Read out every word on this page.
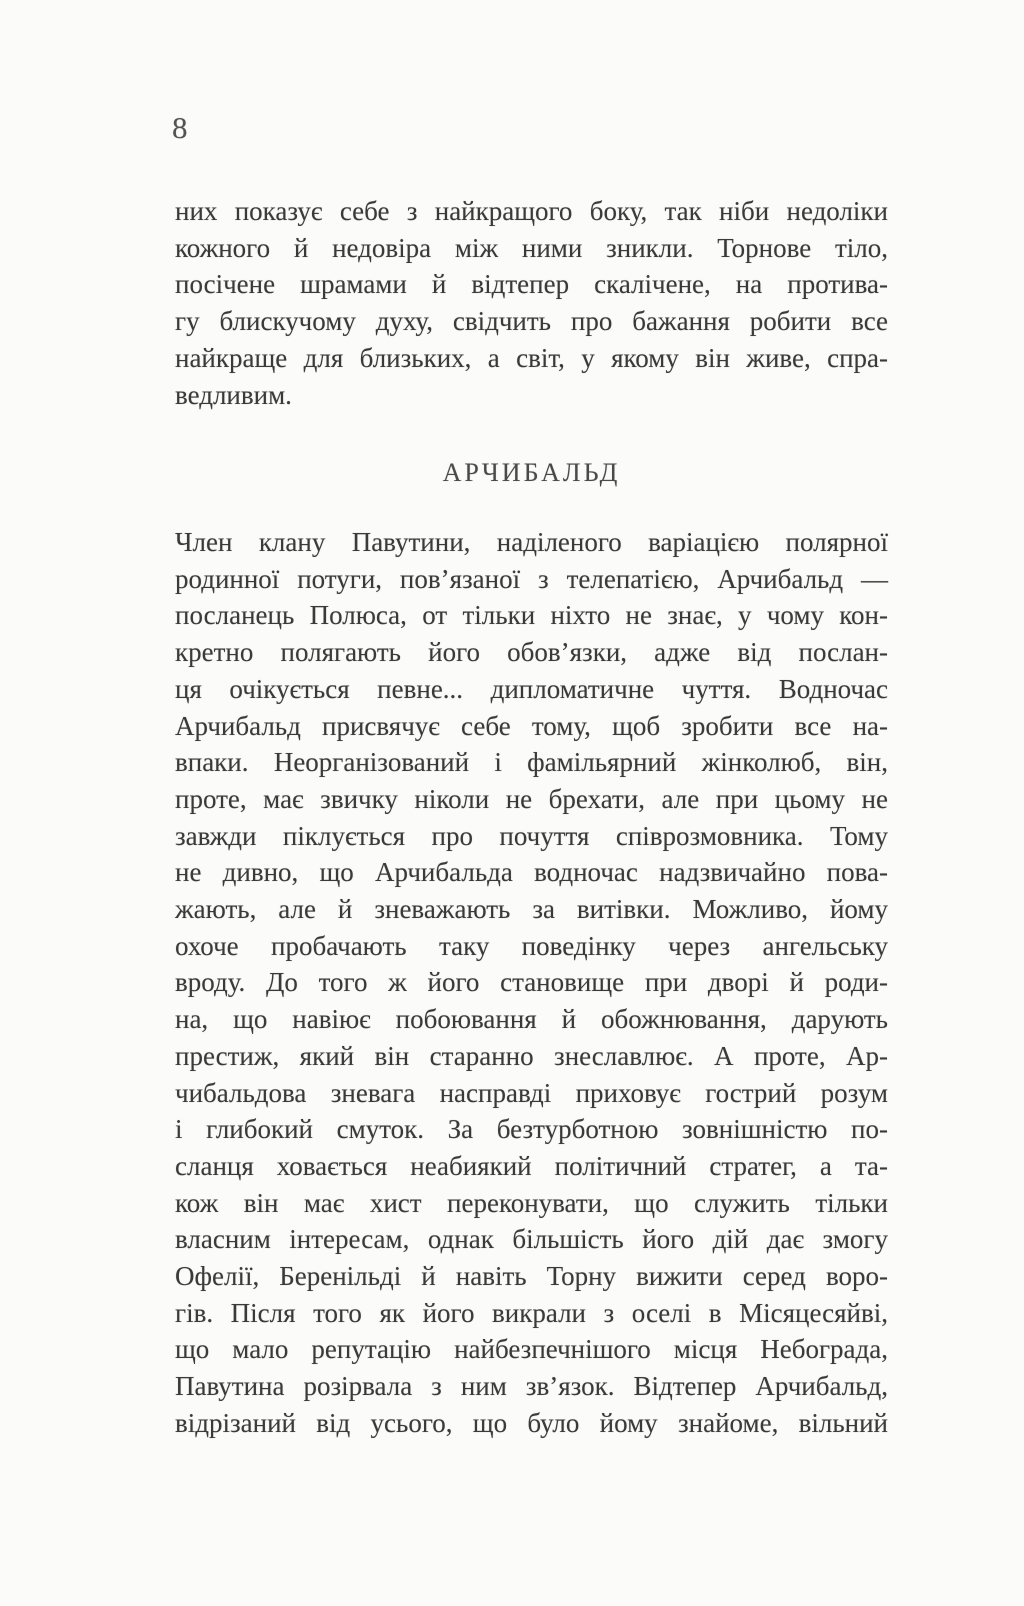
8
них показує себе з найкращого боку, так ніби недоліки
кожного й недовіра між ними зникли. Торнове тіло,
посічене шрамами й відтепер скалічене, на протива-
гу блискучому духу, свідчить про бажання робити все
найкраще для близьких, а світ, у якому він живе, спра-
ведливим.
АРЧИБАЛЬД
Член клану Павутини, наділеного варіацією полярної
родинної потуги, пов’язаної з телепатією, Арчибальд —
посланець Полюса, от тільки ніхто не знає, у чому кон-
кретно полягають його обов’язки, адже від послан-
ця очікується певне... дипломатичне чуття. Водночас
Арчибальд присвячує себе тому, щоб зробити все на-
впаки. Неорганізований і фамільярний жінколюб, він,
проте, має звичку ніколи не брехати, але при цьому не
завжди піклується про почуття співрозмовника. Тому
не дивно, що Арчибальда водночас надзвичайно пова-
жають, але й зневажають за витівки. Можливо, йому
охоче пробачають таку поведінку через ангельську
вроду. До того ж його становище при дворі й роди-
на, що навіює побоювання й обожнювання, дарують
престиж, який він старанно знеславлює. А проте, Ар-
чибальдова зневага насправді приховує гострий розум
і глибокий смуток. За безтурботною зовнішністю по-
сланця ховається неабиякий політичний стратег, а та-
кож він має хист переконувати, що служить тільки
власним інтересам, однак більшість його дій дає змогу
Офелії, Беренільді й навіть Торну вижити серед воро-
гів. Після того як його викрали з оселі в Місяцесяйві,
що мало репутацію найбезпечнішого місця Небограда,
Павутина розірвала з ним зв’язок. Відтепер Арчибальд,
відрізаний від усього, що було йому знайоме, вільний
